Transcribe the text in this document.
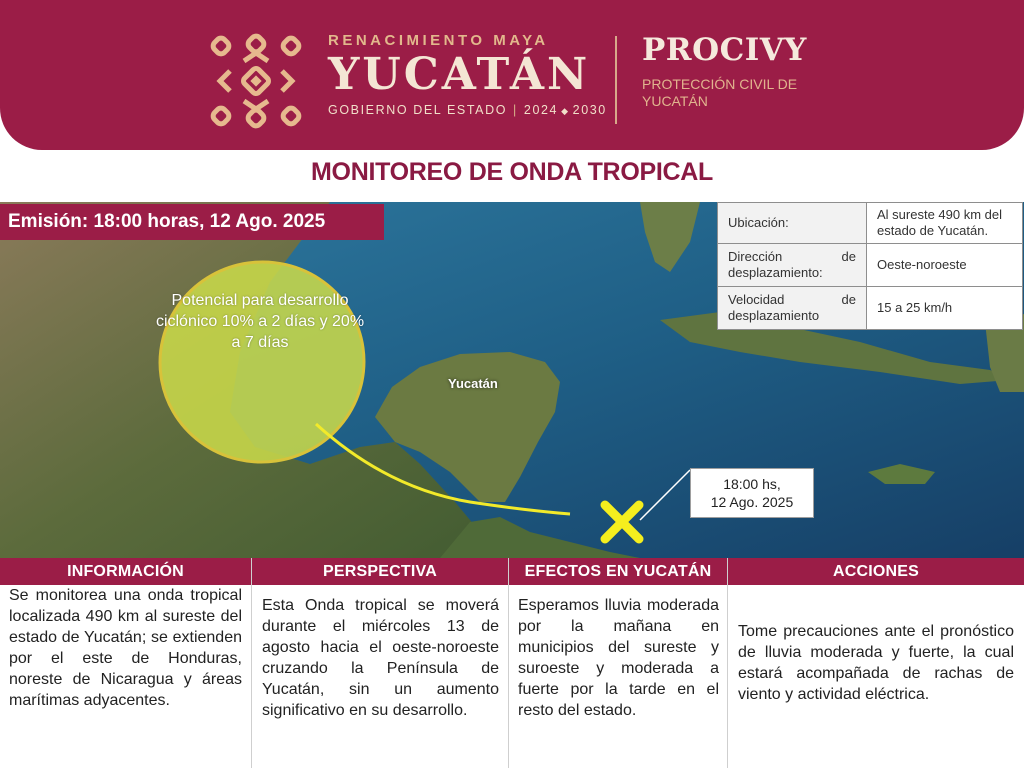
RENACIMIENTO MAYA
YUCATÁN
GOBIERNO DEL ESTADO | 2024 ◆ 2030
PROCIVY
PROTECCIÓN CIVIL DE YUCATÁN
MONITOREO DE ONDA TROPICAL
Emisión: 18:00 horas, 12 Ago. 2025	Ubicación:	Al sureste 490 km del estado de Yucatán.
Dirección de desplazamiento:	Oeste-noroeste
Velocidad de desplazamiento	15 a 25 km/h
Potencial para desarrollo ciclónico 10% a 2 días y 20% a 7 días
Yucatán
18:00 hs,
12 Ago. 2025
INFORMACIÓN
Se monitorea una onda tropical localizada 490 km al sureste del estado de Yucatán; se extienden por el este de Honduras, noreste de Nicaragua y áreas marítimas adyacentes.
PERSPECTIVA
Esta Onda tropical se moverá durante el miércoles 13 de agosto hacia el oeste-noroeste cruzando la Península de Yucatán, sin un aumento significativo en su desarrollo.
EFECTOS EN YUCATÁN
Esperamos lluvia moderada por la mañana en municipios del sureste y suroeste y moderada a fuerte por la tarde en el resto del estado.
ACCIONES
Tome precauciones ante el pronóstico de lluvia moderada y fuerte, la cual estará acompañada de rachas de viento y actividad eléctrica.
